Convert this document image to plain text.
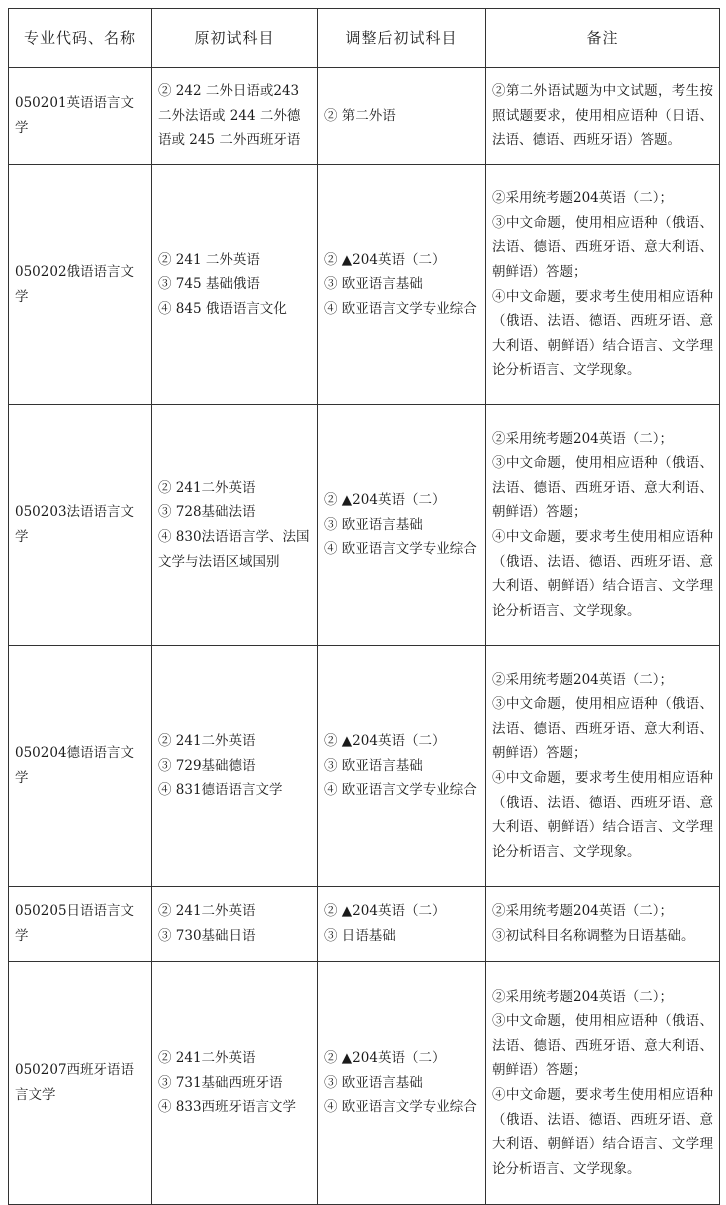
专业代码、名称	原初试科目	调整后初试科目	备注
050201英语语言文学	② 242 二外日语或243 二外法语或 244 二外德语或 245 二外西班牙语	② 第二外语	②第二外语试题为中文试题，考生按照试题要求，使用相应语种（日语、法语、德语、西班牙语）答题。

050202俄语语言文学	② 241 二外英语
③ 745 基础俄语
④ 845 俄语语言文化	② ▲204英语（二）
③ 欧亚语言基础
④ 欧亚语言文学专业综合	②采用统考题204英语（二）；
③中文命题，使用相应语种（俄语、法语、德语、西班牙语、意大利语、朝鲜语）答题；
④中文命题，要求考生使用相应语种（俄语、法语、德语、西班牙语、意大利语、朝鲜语）结合语言、文学理论分析语言、文学现象。

050203法语语言文学	② 241二外英语
③ 728基础法语
④ 830法语语言学、法国文学与法语区域国别	② ▲204英语（二）
③ 欧亚语言基础
④ 欧亚语言文学专业综合	②采用统考题204英语（二）；
③中文命题，使用相应语种（俄语、法语、德语、西班牙语、意大利语、朝鲜语）答题；
④中文命题，要求考生使用相应语种（俄语、法语、德语、西班牙语、意大利语、朝鲜语）结合语言、文学理论分析语言、文学现象。

050204德语语言文学	② 241二外英语
③ 729基础德语
④ 831德语语言文学	② ▲204英语（二）
③ 欧亚语言基础
④ 欧亚语言文学专业综合	②采用统考题204英语（二）；
③中文命题，使用相应语种（俄语、法语、德语、西班牙语、意大利语、朝鲜语）答题；
④中文命题，要求考生使用相应语种（俄语、法语、德语、西班牙语、意大利语、朝鲜语）结合语言、文学理论分析语言、文学现象。

050205日语语言文学	② 241二外英语
③ 730基础日语	② ▲204英语（二）
③ 日语基础	②采用统考题204英语（二）；
③初试科目名称调整为日语基础。

050207西班牙语语言文学	② 241二外英语
③ 731基础西班牙语
④ 833西班牙语言文学	② ▲204英语（二）
③ 欧亚语言基础
④ 欧亚语言文学专业综合	②采用统考题204英语（二）；
③中文命题，使用相应语种（俄语、法语、德语、西班牙语、意大利语、朝鲜语）答题；
④中文命题，要求考生使用相应语种（俄语、法语、德语、西班牙语、意大利语、朝鲜语）结合语言、文学理论分析语言、文学现象。
